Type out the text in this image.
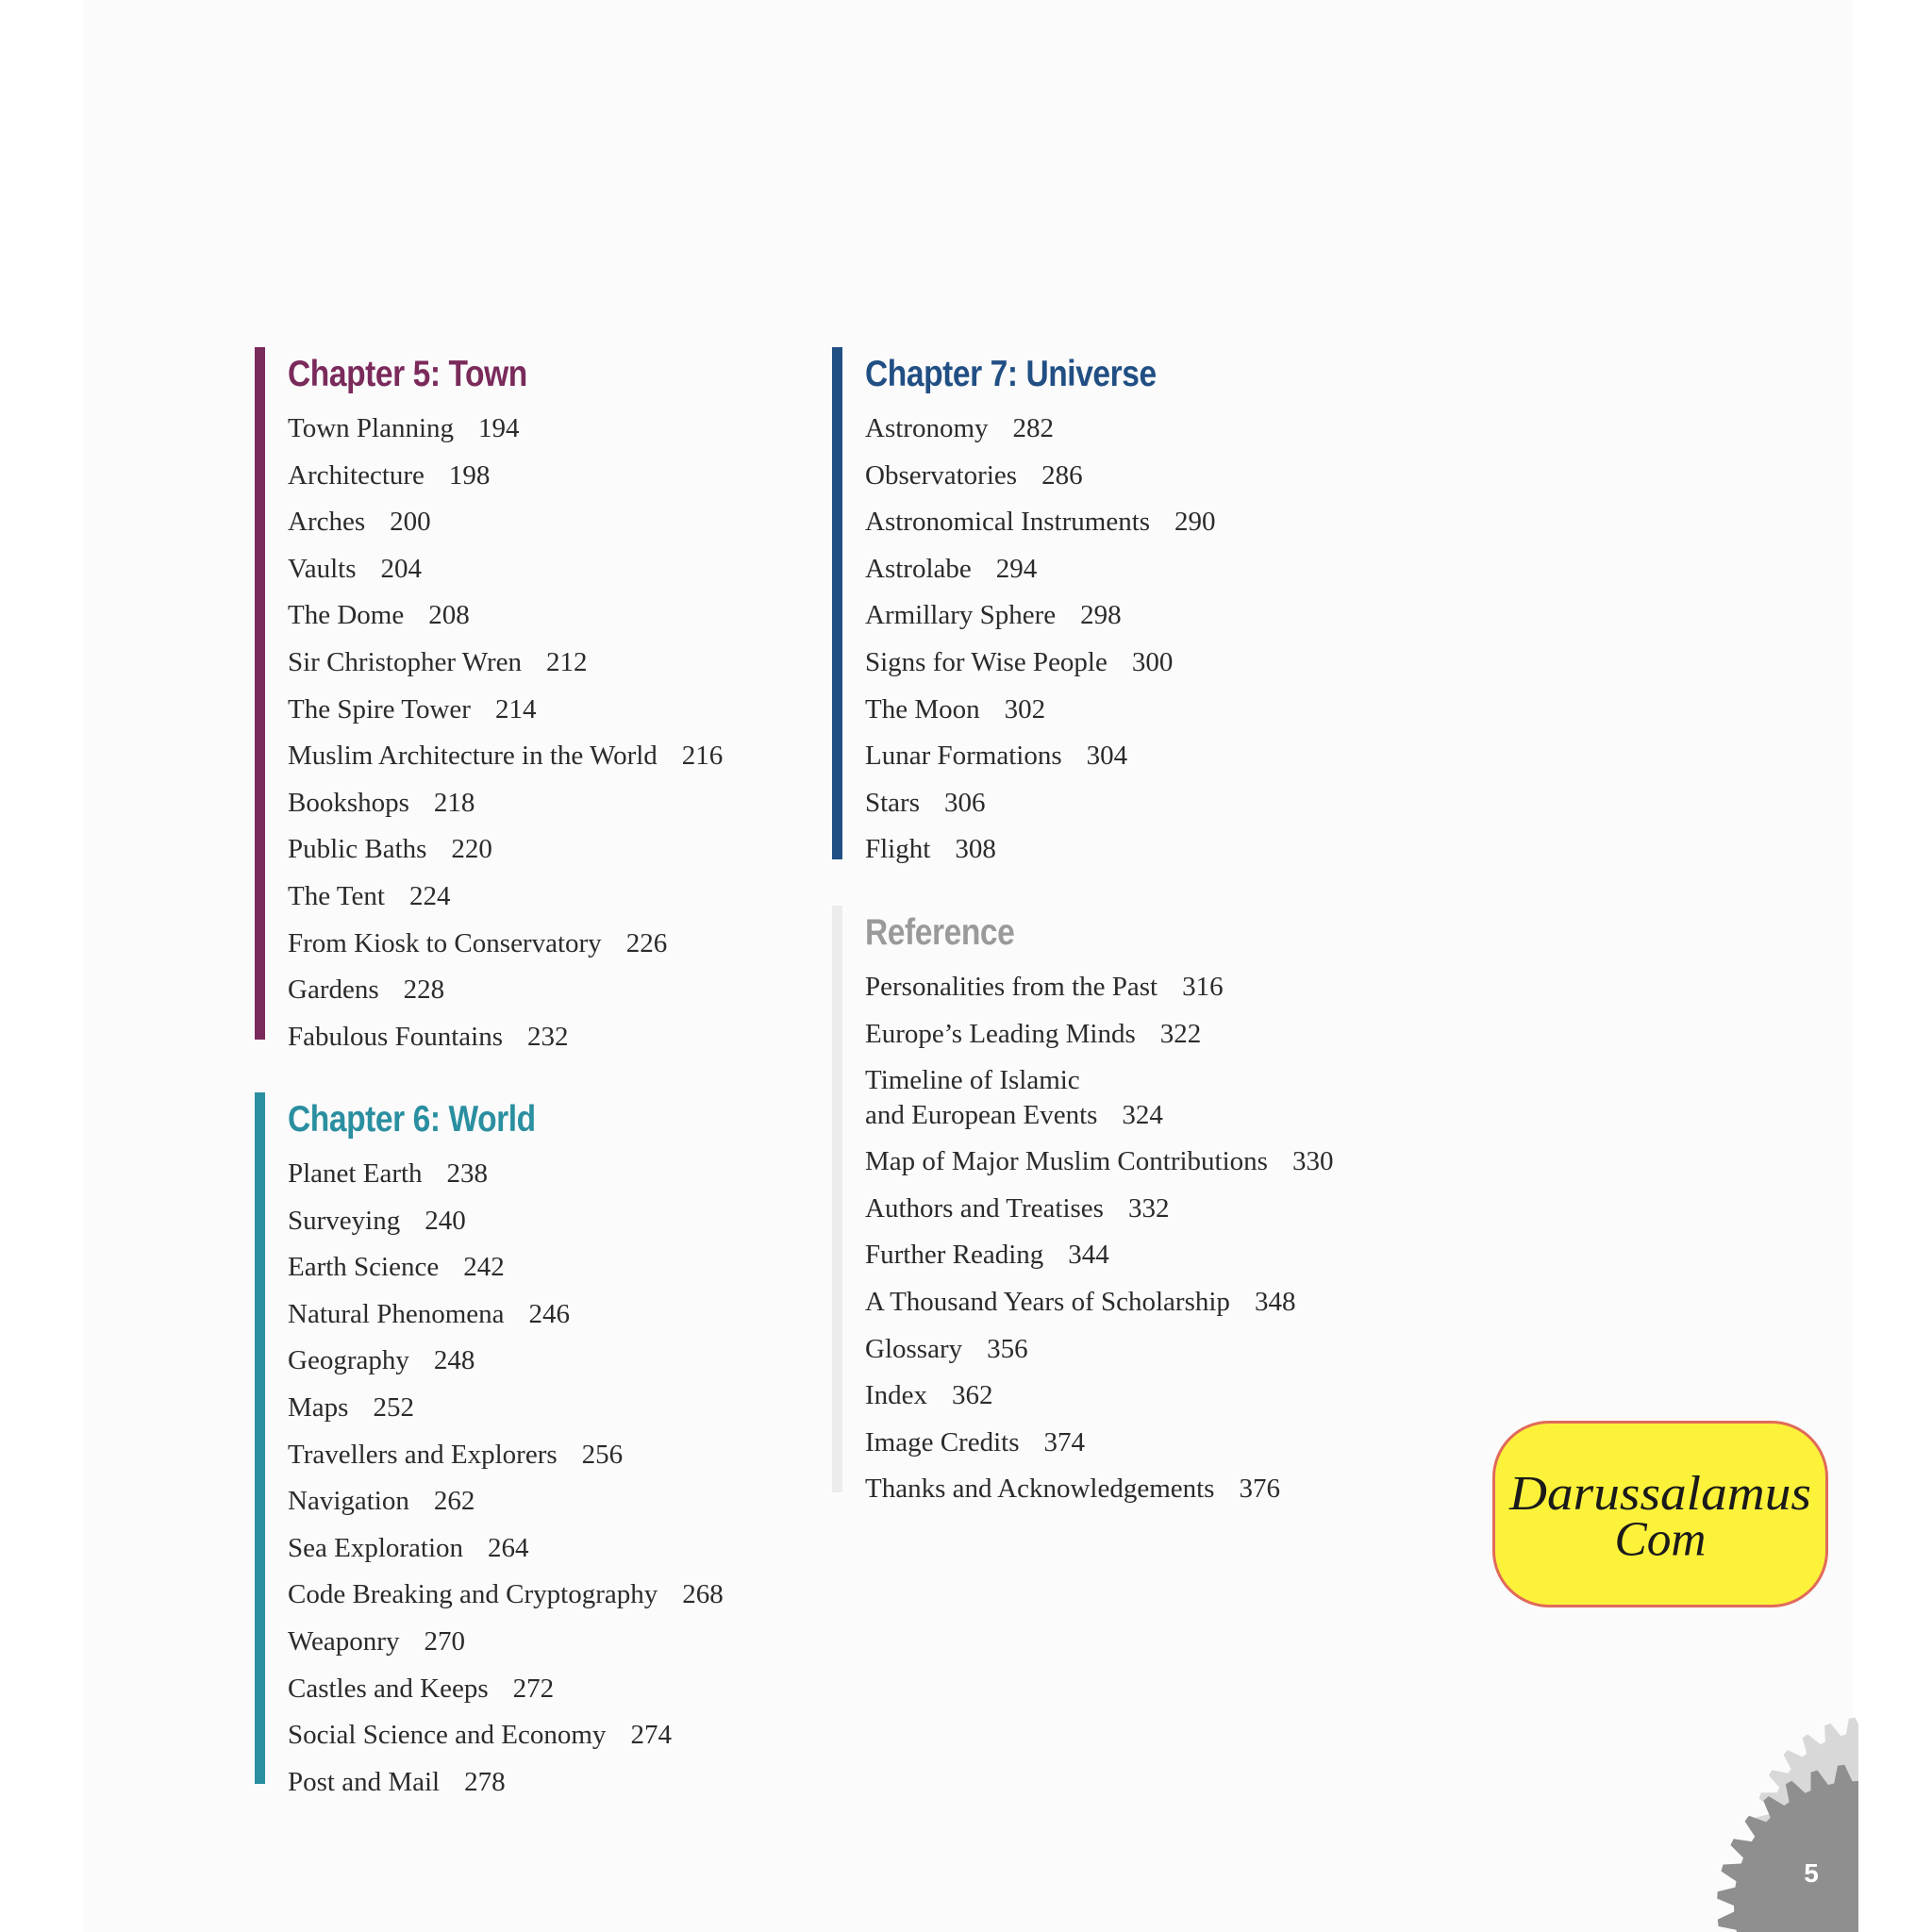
Chapter 5: Town
Town Planning 194
Architecture 198
Arches 200
Vaults 204
The Dome 208
Sir Christopher Wren 212
The Spire Tower 214
Muslim Architecture in the World 216
Bookshops 218
Public Baths 220
The Tent 224
From Kiosk to Conservatory 226
Gardens 228
Fabulous Fountains 232
Chapter 6: World
Planet Earth 238
Surveying 240
Earth Science 242
Natural Phenomena 246
Geography 248
Maps 252
Travellers and Explorers 256
Navigation 262
Sea Exploration 264
Code Breaking and Cryptography 268
Weaponry 270
Castles and Keeps 272
Social Science and Economy 274
Post and Mail 278
Chapter 7: Universe
Astronomy 282
Observatories 286
Astronomical Instruments 290
Astrolabe 294
Armillary Sphere 298
Signs for Wise People 300
The Moon 302
Lunar Formations 304
Stars 306
Flight 308
Reference
Personalities from the Past 316
Europe’s Leading Minds 322
Timeline of Islamic
and European Events 324
Map of Major Muslim Contributions 330
Authors and Treatises 332
Further Reading 344
A Thousand Years of Scholarship 348
Glossary 356
Index 362
Image Credits 374
Thanks and Acknowledgements 376	Darussalamus
Com
5
